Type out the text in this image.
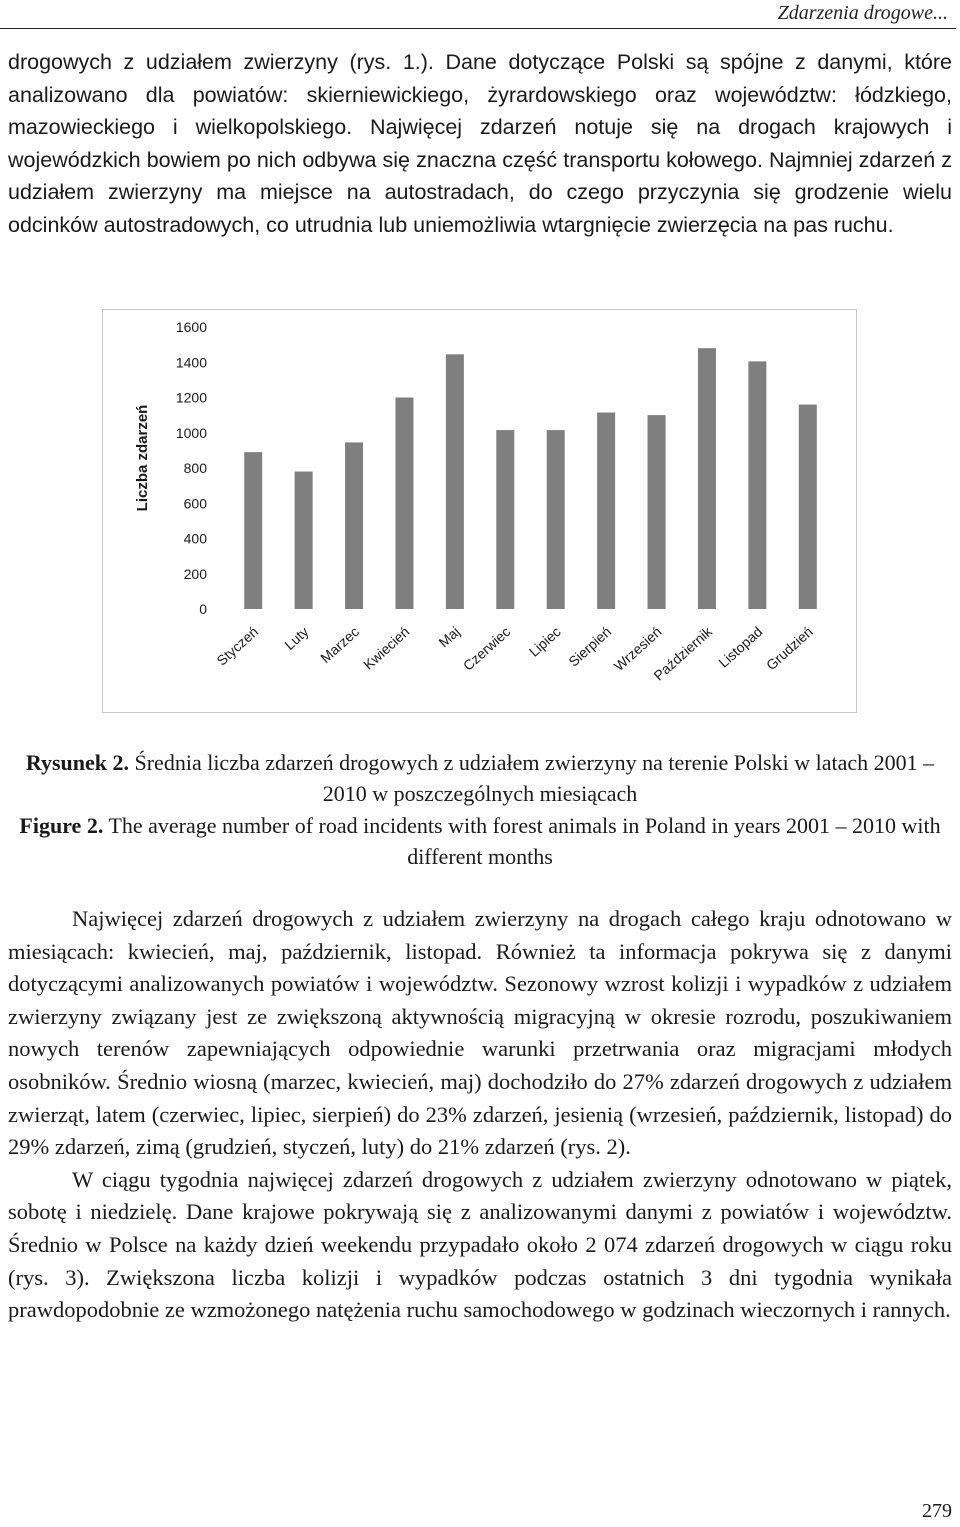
Zdarzenia drogowe...

drogowych z udziałem zwierzyny (rys. 1.). Dane dotyczące Polski są spójne z danymi, które analizowano dla powiatów: skierniewickiego, żyrardowskiego oraz województw: łódzkiego, mazowieckiego i wielkopolskiego. Najwięcej zdarzeń notuje się na drogach krajowych i wojewódzkich bowiem po nich odbywa się znaczna część transportu kołowego. Najmniej zdarzeń z udziałem zwierzyny ma miejsce na autostradach, do czego przyczynia się grodzenie wielu odcinków autostradowych, co utrudnia lub uniemożliwia wtargnięcie zwierzęcia na pas ruchu.

Liczba zdarzeń
0
200
400
600
800
1000
1200
1400
1600
Styczeń Luty Marzec
Kwiecień Maj
Czerwiec Lipiec Sierpień
Wrzesień
Październik Listopad
Grudzień
Rysunek 2. Średnia liczba zdarzeń drogowych z udziałem zwierzyny na terenie Polski w latach 2001 – 2010 w poszczególnych miesiącach
Figure 2. The average number of road incidents with forest animals in Poland in years 2001 – 2010 with different months

Najwięcej zdarzeń drogowych z udziałem zwierzyny na drogach całego kraju odnotowano w miesiącach: kwiecień, maj, październik, listopad. Również ta informacja pokrywa się z danymi dotyczącymi analizowanych powiatów i województw. Sezonowy wzrost kolizji i wypadków z udziałem zwierzyny związany jest ze zwiększoną aktywnością migracyjną w okresie rozrodu, poszukiwaniem nowych terenów zapewniających odpowiednie warunki przetrwania oraz migracjami młodych osobników. Średnio wiosną (marzec, kwiecień, maj) dochodziło do 27% zdarzeń drogowych z udziałem zwierząt, latem (czerwiec, lipiec, sierpień) do 23% zdarzeń, jesienią (wrzesień, październik, listopad) do 29% zdarzeń, zimą (grudzień, styczeń, luty) do 21% zdarzeń (rys. 2).

W ciągu tygodnia najwięcej zdarzeń drogowych z udziałem zwierzyny odnotowano w piątek, sobotę i niedzielę. Dane krajowe pokrywają się z analizowanymi danymi z powiatów i województw. Średnio w Polsce na każdy dzień weekendu przypadało około 2 074 zdarzeń drogowych w ciągu roku (rys. 3). Zwiększona liczba kolizji i wypadków podczas ostatnich 3 dni tygodnia wynikała prawdopodobnie ze wzmożonego natężenia ruchu samochodowego w godzinach wieczornych i rannych.

279
